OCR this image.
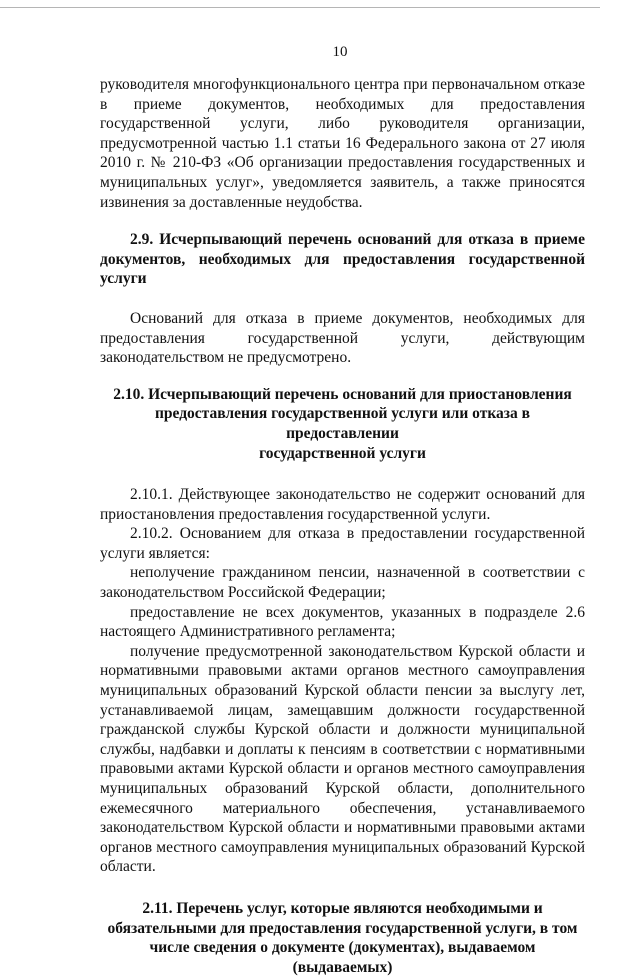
10

руководителя многофункционального центра при первоначальном отказе в приеме документов, необходимых для предоставления государственной услуги, либо руководителя организации, предусмотренной частью 1.1 статьи 16 Федерального закона от 27 июля 2010 г. № 210-ФЗ «Об организации предоставления государственных и муниципальных услуг», уведомляется заявитель, а также приносятся извинения за доставленные неудобства.

2.9. Исчерпывающий перечень оснований для отказа в приеме документов, необходимых для предоставления государственной услуги

Оснований для отказа в приеме документов, необходимых для предоставления государственной услуги, действующим законодательством не предусмотрено.

2.10. Исчерпывающий перечень оснований для приостановления
предоставления государственной услуги или отказа в предоставлении
государственной услуги

2.10.1. Действующее законодательство не содержит оснований для приостановления предоставления государственной услуги.

2.10.2. Основанием для отказа в предоставлении государственной услуги является:

неполучение гражданином пенсии, назначенной в соответствии с законодательством Российской Федерации;

предоставление не всех документов, указанных в подразделе 2.6 настоящего Административного регламента;

получение предусмотренной законодательством Курской области и нормативными правовыми актами органов местного самоуправления муниципальных образований Курской области пенсии за выслугу лет, устанавливаемой лицам, замещавшим должности государственной гражданской службы Курской области и должности муниципальной службы, надбавки и доплаты к пенсиям в соответствии с нормативными правовыми актами Курской области и органов местного самоуправления муниципальных образований Курской области, дополнительного ежемесячного материального обеспечения, устанавливаемого законодательством Курской области и нормативными правовыми актами органов местного самоуправления муниципальных образований Курской области.

2.11. Перечень услуг, которые являются необходимыми и
обязательными для предоставления государственной услуги, в том
числе сведения о документе (документах), выдаваемом (выдаваемых)
